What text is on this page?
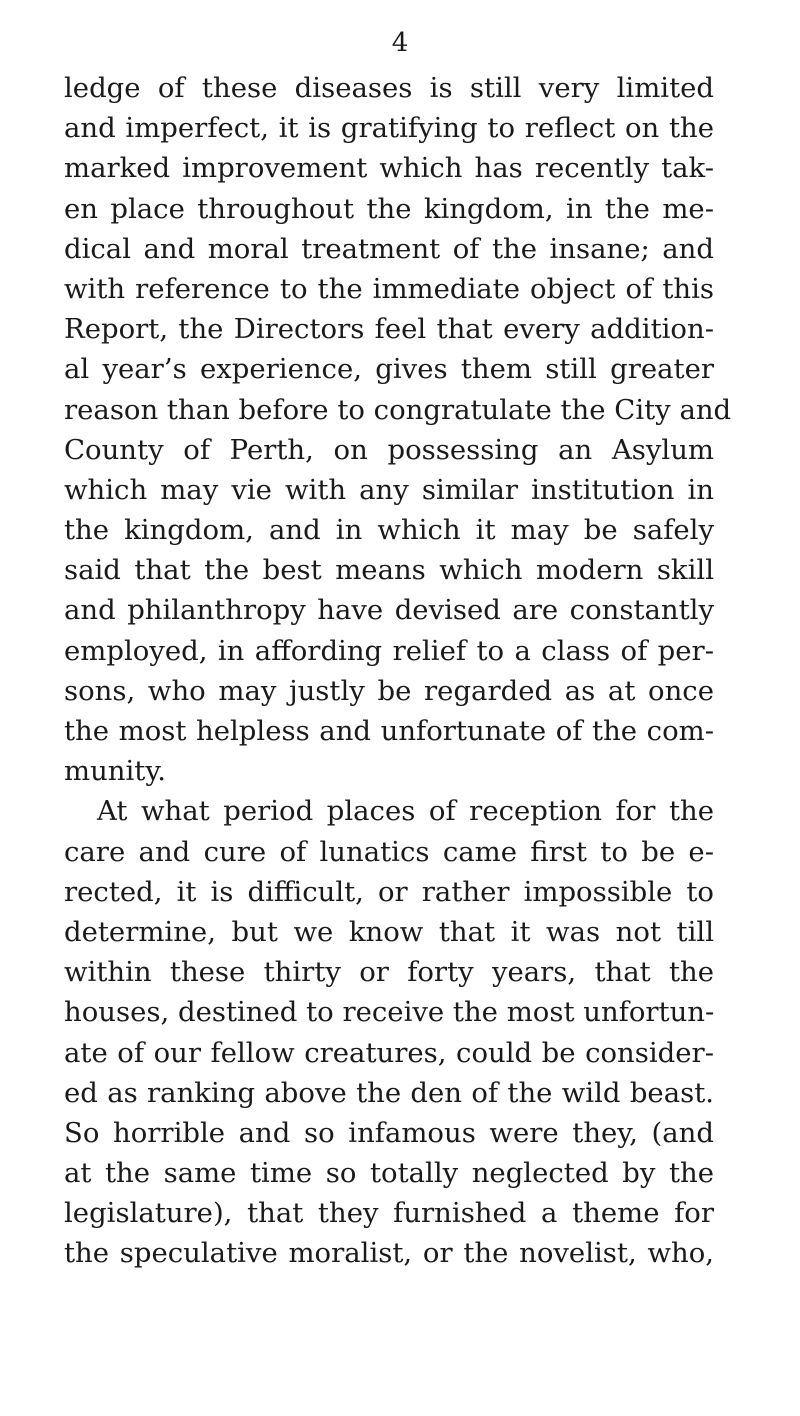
4
ledge of these diseases is still very limited
and imperfect, it is gratifying to reflect on the
marked improvement which has recently tak-
en place throughout the kingdom, in the me-
dical and moral treatment of the insane; and
with reference to the immediate object of this
Report, the Directors feel that every addition-
al year’s experience, gives them still greater
reason than before to congratulate the City and
County of Perth, on possessing an Asylum
which may vie with any similar institution in
the kingdom, and in which it may be safely
said that the best means which modern skill
and philanthropy have devised are constantly
employed, in affording relief to a class of per-
sons, who may justly be regarded as at once
the most helpless and unfortunate of the com-
munity.
At what period places of reception for the
care and cure of lunatics came first to be e-
rected, it is difficult, or rather impossible to
determine, but we know that it was not till
within these thirty or forty years, that the
houses, destined to receive the most unfortun-
ate of our fellow creatures, could be consider-
ed as ranking above the den of the wild beast.
So horrible and so infamous were they, (and
at the same time so totally neglected by the
legislature), that they furnished a theme for
the speculative moralist, or the novelist, who,
